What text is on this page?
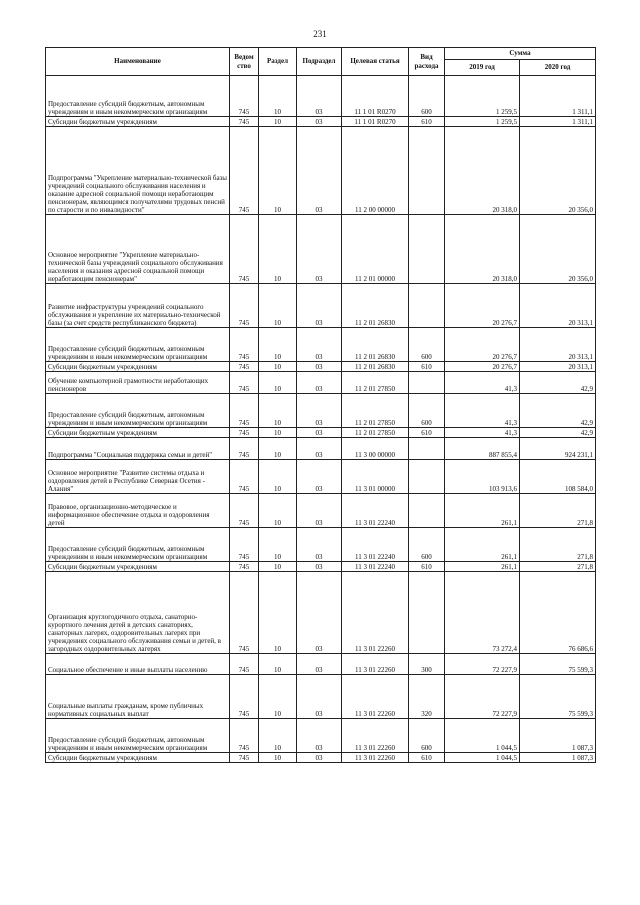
231
Наименование	Ведом ство	Раздел	Подраздел	Целевая статья	Вид расхода	Сумма	
						2019 год	2020 год
Предоставление субсидий бюджетным, автономным учреждениям и иным некоммерческим организациям	745	10	03	11 1 01 R0270	600	1 259,5	1 311,1
Субсидии бюджетным учреждениям	745	10	03	11 1 01 R0270	610	1 259,5	1 311,1
Подпрограмма "Укрепление материально-технической базы учреждений социального обслуживания населения и оказание адресной социальной помощи неработающим пенсионерам, являющимся получателями трудовых пенсий по старости и по инвалидности"	745	10	03	11 2 00 00000		20 318,0	20 356,0
Основное мероприятие "Укрепление материально-технической базы учреждений социального обслуживания населения и оказания адресной социальной помощи неработающим пенсионерам"	745	10	03	11 2 01 00000		20 318,0	20 356,0
Развитие инфраструктуры учреждений социального обслуживания и укрепление их материально-технической базы (за счет средств республиканского бюджета)	745	10	03	11 2 01 26830		20 276,7	20 313,1
Предоставление субсидий бюджетным, автономным учреждениям и иным некоммерческим организациям	745	10	03	11 2 01 26830	600	20 276,7	20 313,1
Субсидии бюджетным учреждениям	745	10	03	11 2 01 26830	610	20 276,7	20 313,1
Обучение компьютерной грамотности неработающих пенсионеров	745	10	03	11 2 01 27850		41,3	42,9
Предоставление субсидий бюджетным, автономным учреждениям и иным некоммерческим организациям	745	10	03	11 2 01 27850	600	41,3	42,9
Субсидии бюджетным учреждениям	745	10	03	11 2 01 27850	610	41,3	42,9
Подпрограмма "Социальная поддержка семьи и детей"	745	10	03	11 3 00 00000		887 855,4	924 231,1
Основное мероприятие "Развитие системы отдыха и оздоровления детей в Республике Северная Осетия - Алания"	745	10	03	11 3 01 00000		103 913,6	108 584,0
Правовое, организационно-методическое и информационное обеспечение отдыха и оздоровления детей	745	10	03	11 3 01 22240		261,1	271,8
Предоставление субсидий бюджетным, автономным учреждениям и иным некоммерческим организациям	745	10	03	11 3 01 22240	600	261,1	271,8
Субсидии бюджетным учреждениям	745	10	03	11 3 01 22240	610	261,1	271,8
Организация круглогодичного отдыха, санаторно-курортного лечения детей в детских санаториях, санаторных лагерях, оздоровительных лагерях при учреждениях социального обслуживания семьи и детей, в загородных оздоровительных лагерях	745	10	03	11 3 01 22260		73 272,4	76 686,6
Социальное обеспечение и иные выплаты населению	745	10	03	11 3 01 22260	300	72 227,9	75 599,3
Социальные выплаты гражданам, кроме публичных нормативных социальных выплат	745	10	03	11 3 01 22260	320	72 227,9	75 599,3
Предоставление субсидий бюджетным, автономным учреждениям и иным некоммерческим организациям	745	10	03	11 3 01 22260	600	1 044,5	1 087,3
Субсидии бюджетным учреждениям	745	10	03	11 3 01 22260	610	1 044,5	1 087,3
